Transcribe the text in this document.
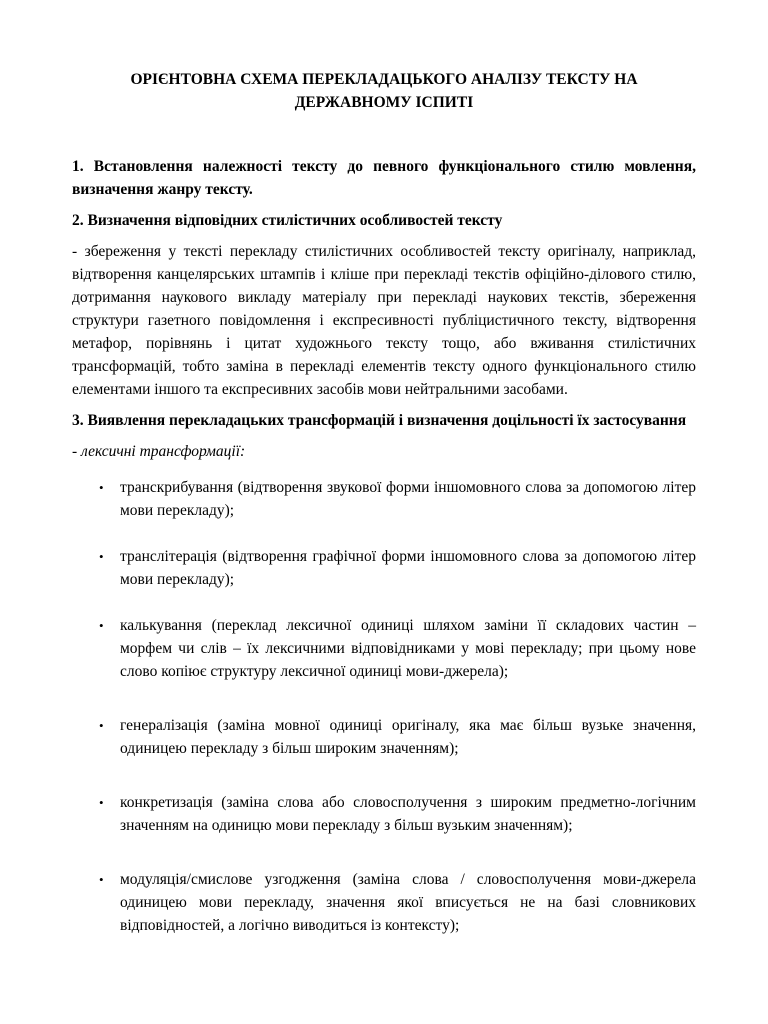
ОРІЄНТОВНА СХЕМА ПЕРЕКЛАДАЦЬКОГО АНАЛІЗУ ТЕКСТУ НА ДЕРЖАВНОМУ ІСПИТІ
1. Встановлення належності тексту до певного функціонального стилю мовлення, визначення жанру тексту.
2. Визначення відповідних стилістичних особливостей тексту
- збереження у тексті перекладу стилістичних особливостей тексту оригіналу, наприклад, відтворення канцелярських штампів і кліше при перекладі текстів офіційно-ділового стилю, дотримання наукового викладу матеріалу при перекладі наукових текстів, збереження структури газетного повідомлення і експресивності публіцистичного тексту, відтворення метафор, порівнянь і цитат художнього тексту тощо, або вживання стилістичних трансформацій, тобто заміна в перекладі елементів тексту одного функціонального стилю елементами іншого та експресивних засобів мови нейтральними засобами.
3. Виявлення перекладацьких трансформацій і визначення доцільності їх застосування
- лексичні трансформації:
• транскрибування (відтворення звукової форми іншомовного слова за допомогою літер мови перекладу);
• транслітерація (відтворення графічної форми іншомовного слова за допомогою літер мови перекладу);
• калькування (переклад лексичної одиниці шляхом заміни її складових частин – морфем чи слів – їх лексичними відповідниками у мові перекладу; при цьому нове слово копіює структуру лексичної одиниці мови-джерела);
• генералізація (заміна мовної одиниці оригіналу, яка має більш вузьке значення, одиницею перекладу з більш широким значенням);
• конкретизація (заміна слова або словосполучення з широким предметно-логічним значенням на одиницю мови перекладу з більш вузьким значенням);
• модуляція/смислове узгодження (заміна слова / словосполучення мови-джерела одиницею мови перекладу, значення якої вписується не на базі словникових відповідностей, а логічно виводиться із контексту);
